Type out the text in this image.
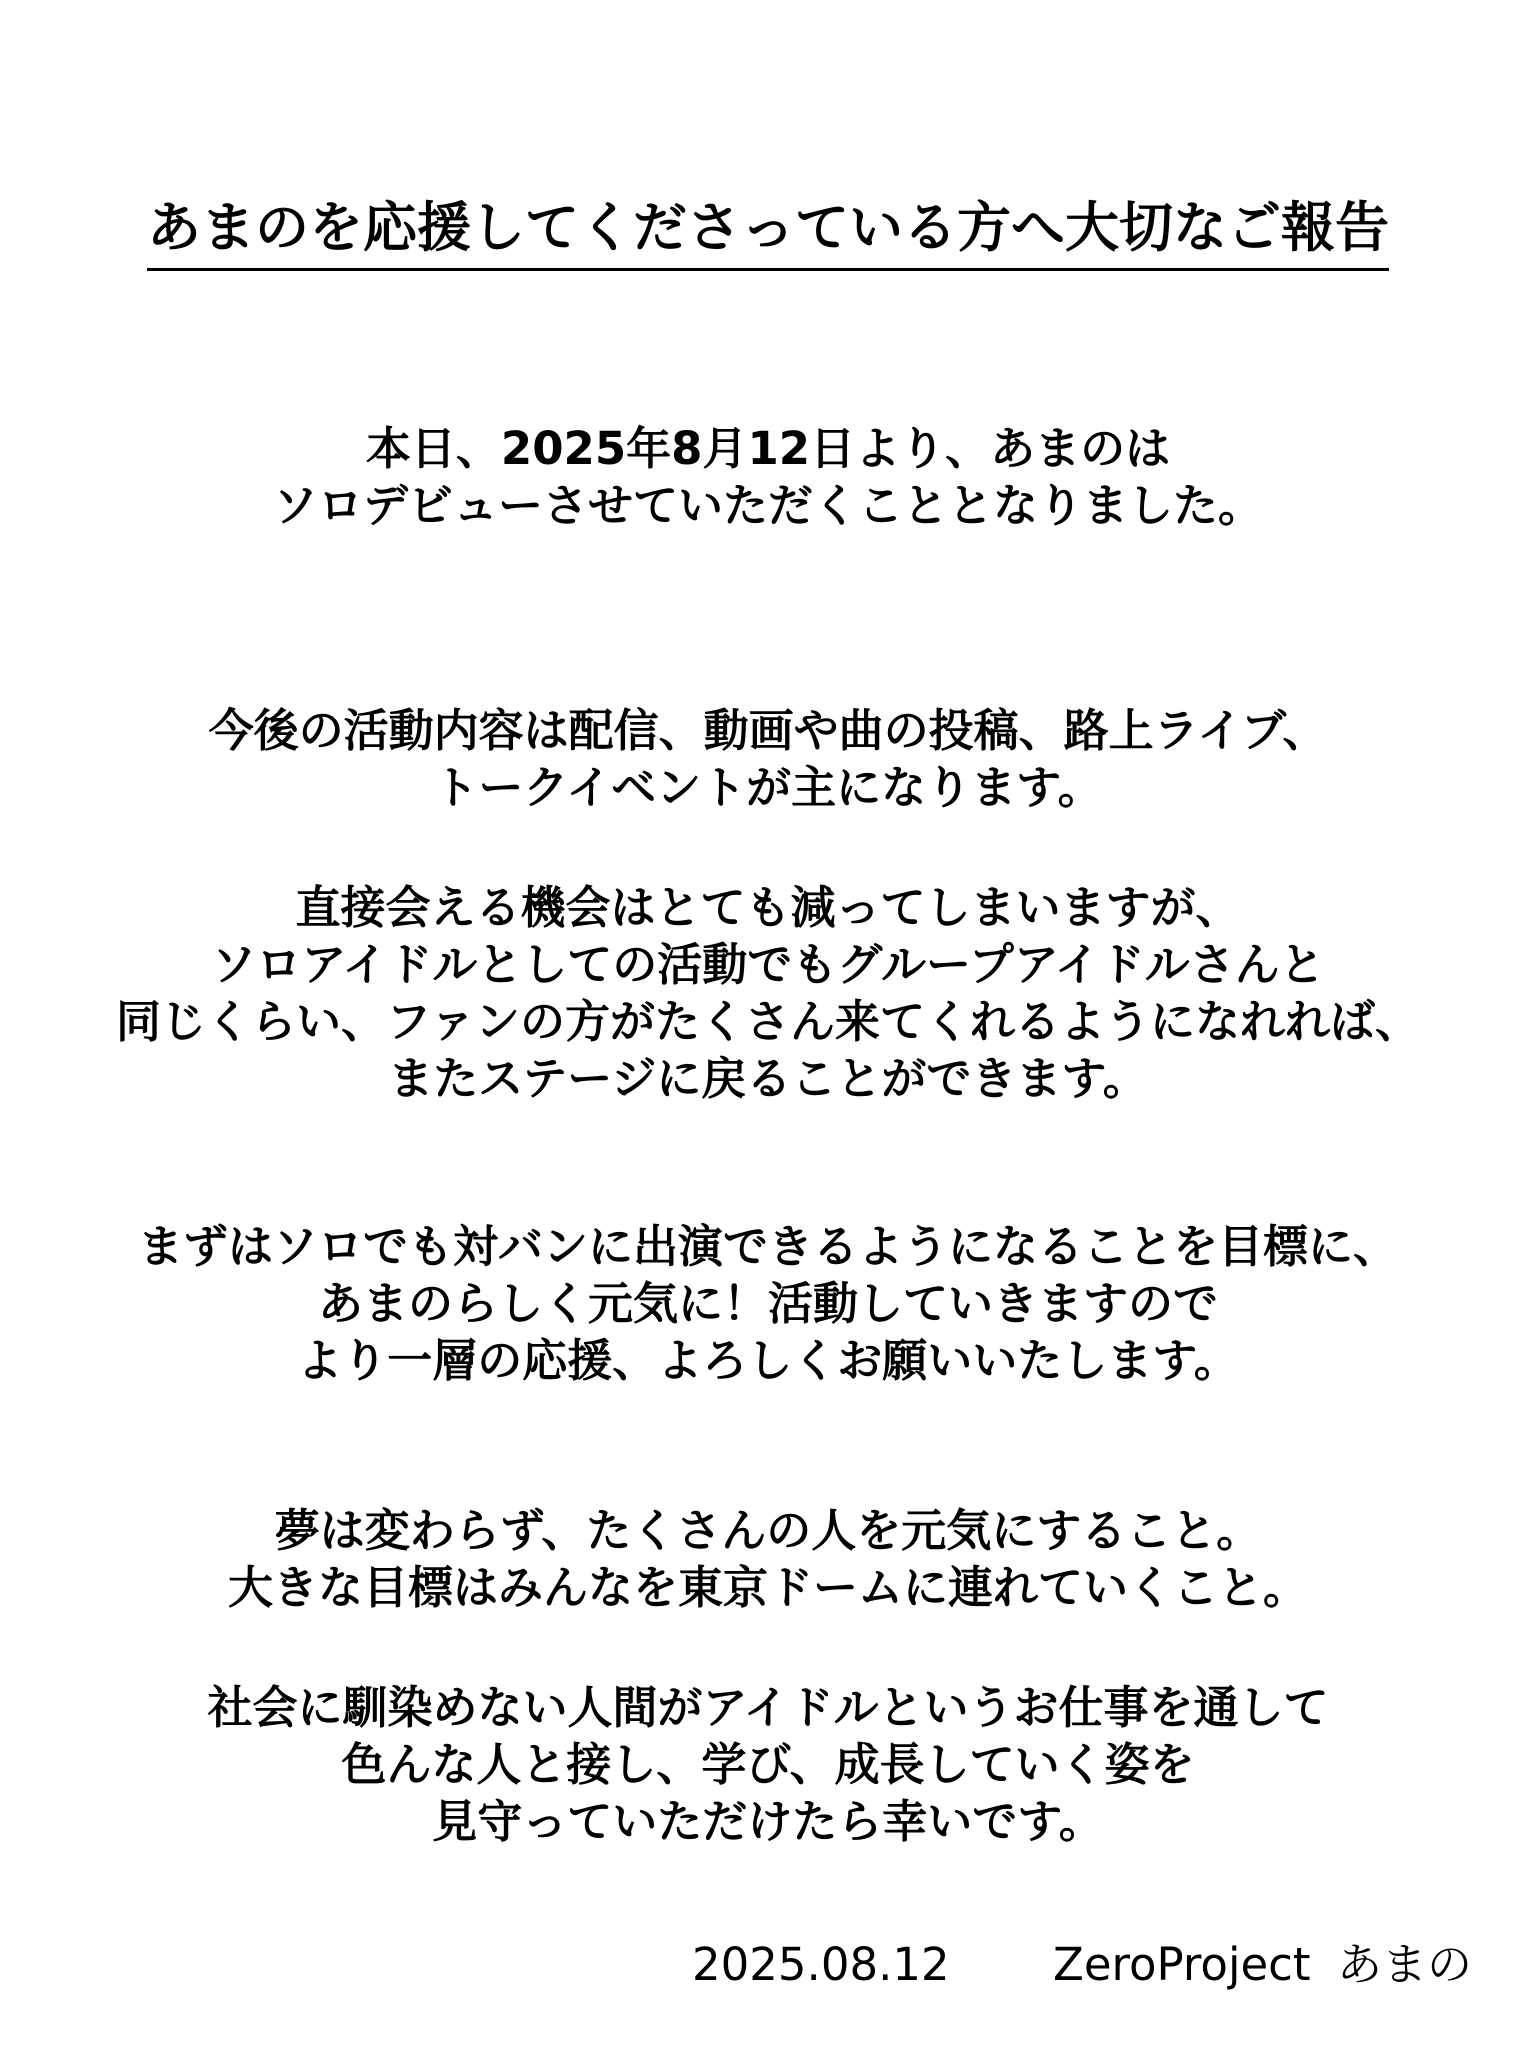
あまのを応援してくださっている方へ大切なご報告
本日、2025年8月12日より、あまのは
ソロデビューさせていただくこととなりました。
今後の活動内容は配信、動画や曲の投稿、路上ライブ、
トークイベントが主になります。
直接会える機会はとても減ってしまいますが、
ソロアイドルとしての活動でもグループアイドルさんと
同じくらい、ファンの方がたくさん来てくれるようになれれば、
またステージに戻ることができます。
まずはソロでも対バンに出演できるようになることを目標に、
あまのらしく元気に！活動していきますので
より一層の応援、よろしくお願いいたします。
夢は変わらず、たくさんの人を元気にすること。
大きな目標はみんなを東京ドームに連れていくこと。
社会に馴染めない人間がアイドルというお仕事を通して
色んな人と接し、学び、成長していく姿を
見守っていただけたら幸いです。
2025.08.12 ZeroProject あまの
